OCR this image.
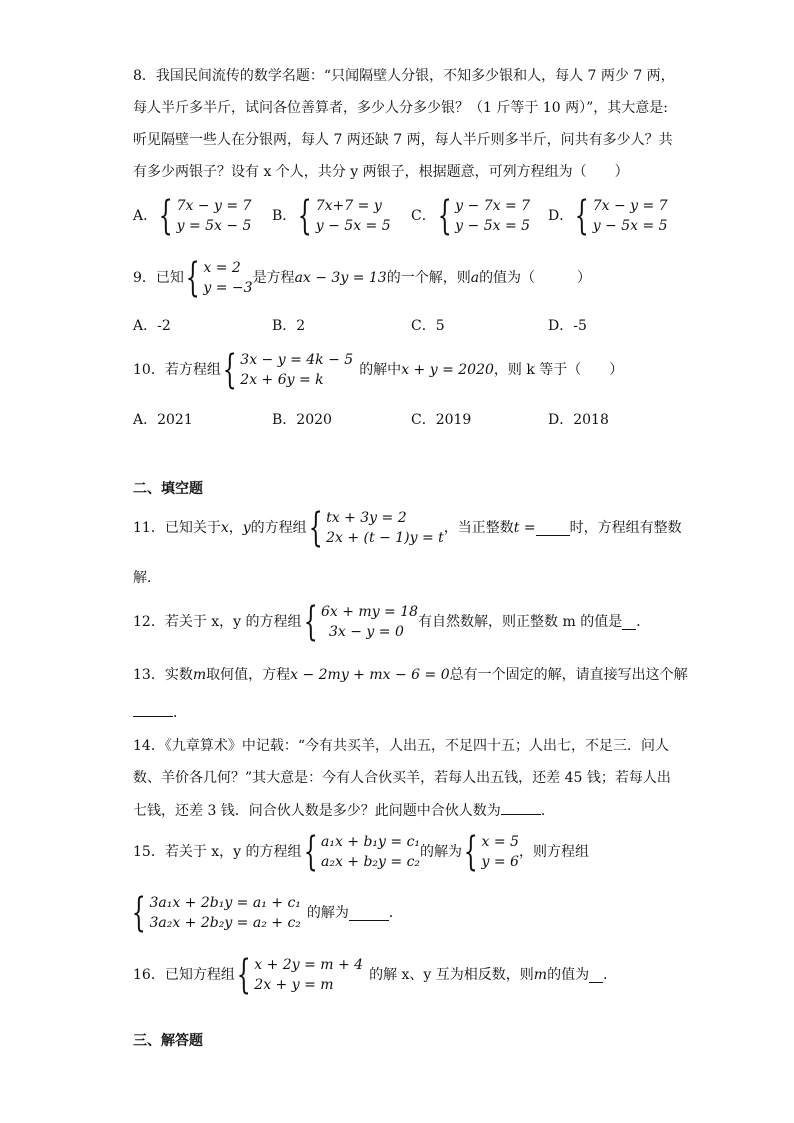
8．我国民间流传的数学名题：“只闻隔壁人分银，不知多少银和人，每人 7 两少 7 两，
每人半斤多半斤，试问各位善算者，多少人分多少银？（1 斤等于 10 两）”，其大意是:
听见隔壁一些人在分银两，每人 7 两还缺 7 两，每人半斤则多半斤，问共有多少人？共
有多少两银子？设有 x 个人，共分 y 两银子，根据题意，可列方程组为（　　）
A． { 7x − y = 7
y = 5x − 5
B． { 7x+7 = y
y − 5x = 5
C． { y − 7x = 7
y − 5x = 5
D． { 7x − y = 7
y − 5x = 5
9．已知 { x = 2
y = −3
是方程 ax − 3y = 13 的一个解，则 a 的值为（　　　）
A．-2	B．2	C．5	D．-5
10．若方程组 { 3x − y = 4k − 5
2x + 6y = k
的解中 x + y = 2020 ，则 k 等于（　　）
A．2021	B．2020	C．2019	D．2018
二、填空题
11．已知关于 x ， y 的方程组 { tx + 3y = 2
2x + (t − 1)y = t
，当正整数 t = 时，方程组有整数
解．
12．若关于 x，y 的方程组 { 6x + my = 18
3x − y = 0
有自然数解，则正整数 m 的值是 ．
13．实数m取何值，方程x − 2my + mx − 6 = 0总有一个固定的解，请直接写出这个解
．
14．《九章算术》中记载：“今有共买羊，人出五，不足四十五；人出七，不足三．问人
数、羊价各几何？”其大意是：今有人合伙买羊，若每人出五钱，还差 45 钱；若每人出
七钱，还差 3 钱．问合伙人数是多少？此问题中合伙人数为	．
15．若关于 x，y 的方程组 { a₁x + b₁y = c₁
a₂x + b₂y = c₂
的解为 { x = 5
y = 6
，则方程组
{ 3a₁x + 2b₁y = a₁ + c₁
3a₂x + 2b₂y = a₂ + c₂
的解为	．
16．已知方程组 { x + 2y = m + 4
2x + y = m
的解 x、y 互为相反数，则 m 的值为 ．
三、解答题
